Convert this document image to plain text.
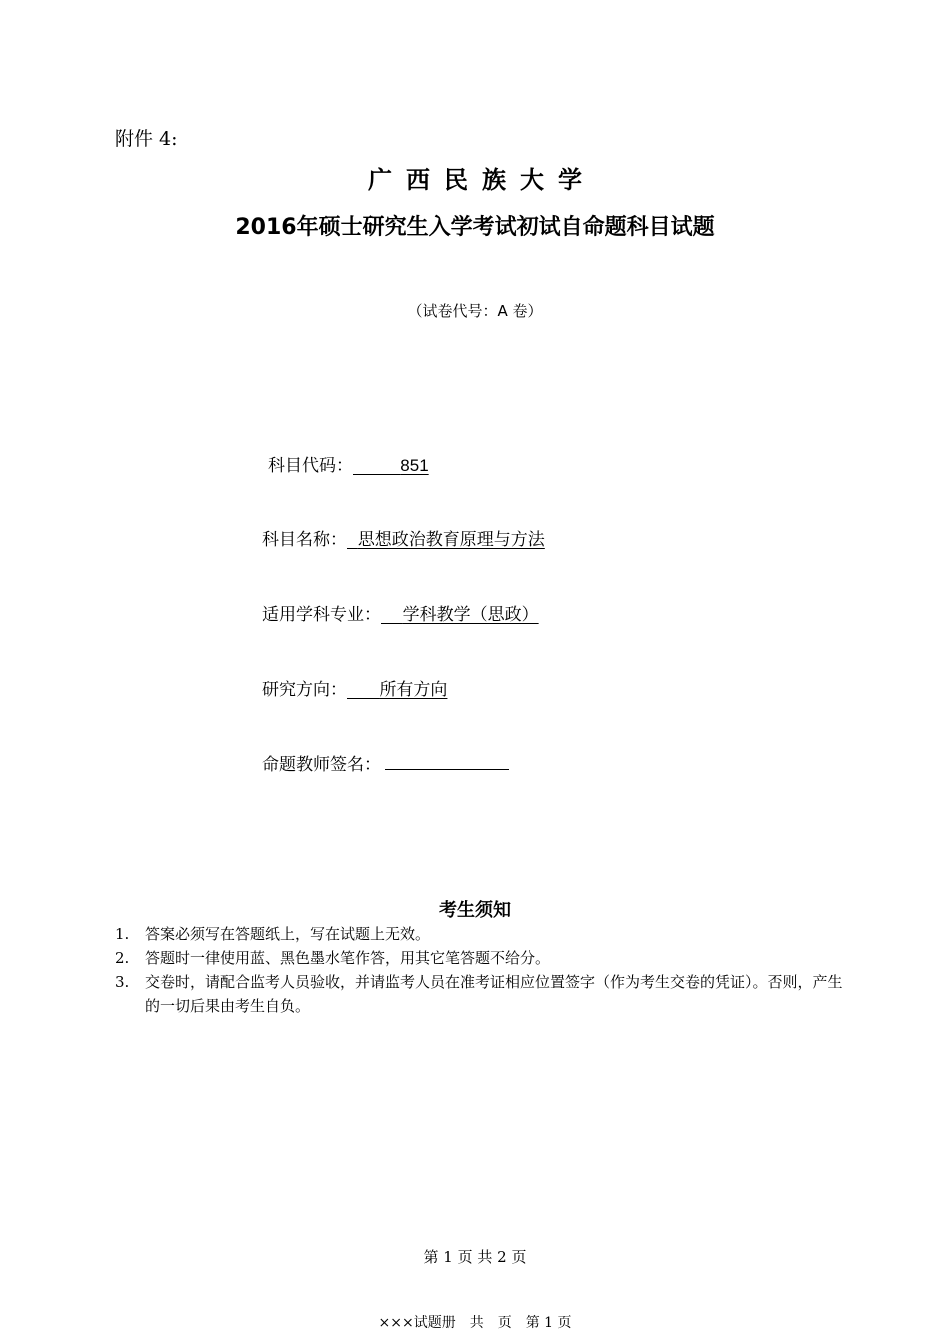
附件 4:
广西民族大学
2016年硕士研究生入学考试初试自命题科目试题
（试卷代号：A 卷）
科目代码：     	851
科目名称： 思想政治教育原理与方法
适用学科专业： 学科教学（思政）
研究方向： 所有方向
命题教师签名：
考生须知
1.	答案必须写在答题纸上，写在试题上无效。
2.	答题时一律使用蓝、黑色墨水笔作答，用其它笔答题不给分。
3.	交卷时，请配合监考人员验收，并请监考人员在准考证相应位置签字（作为考生交卷的凭证）。否则，产生的一切后果由考生自负。
第 1 页 共 2 页
×××试题册　共　页　第 1 页
